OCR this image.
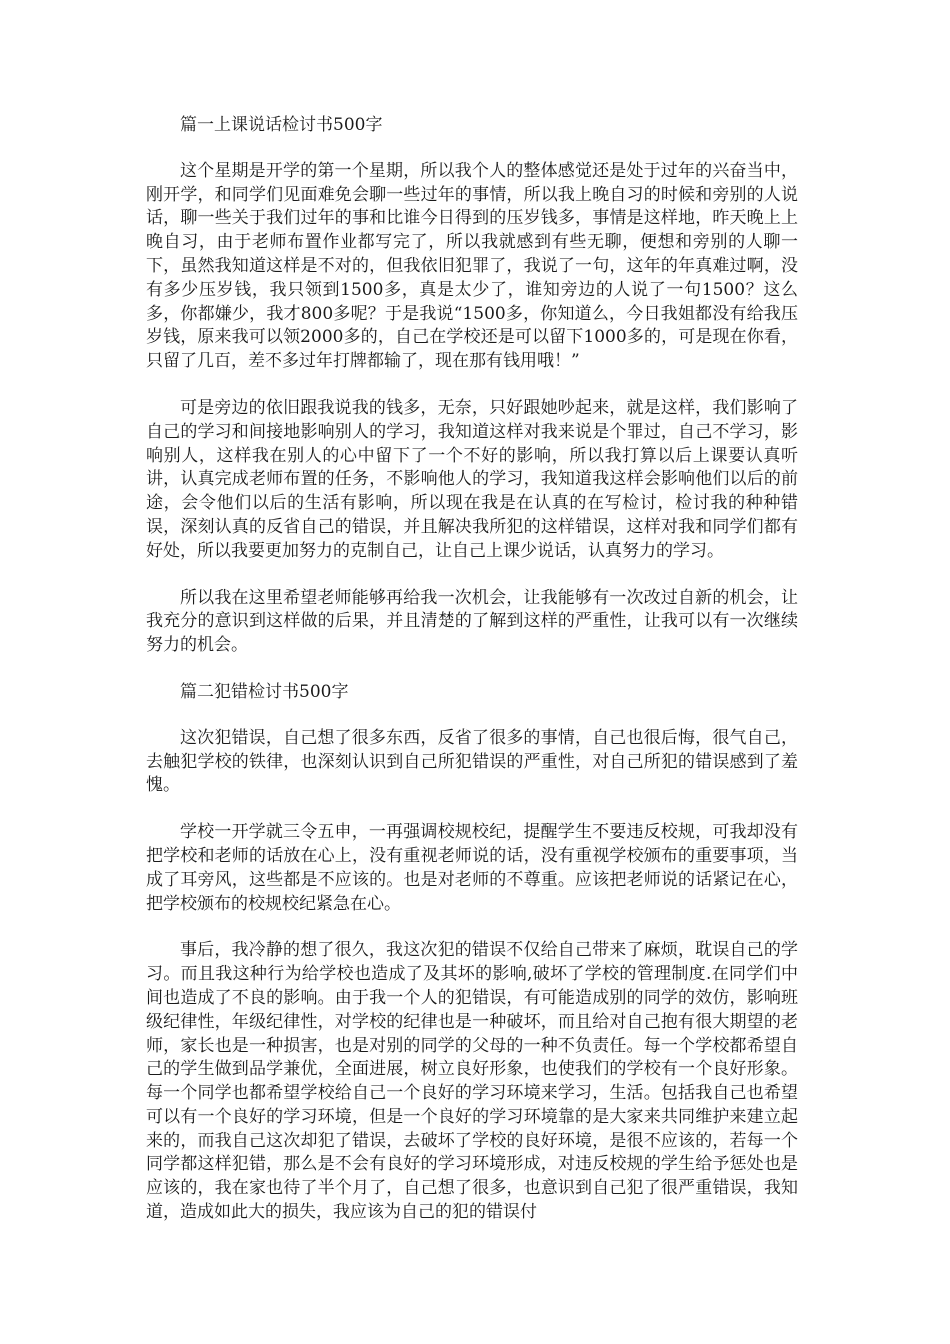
篇一上课说话检讨书500字

这个星期是开学的第一个星期，所以我个人的整体感觉还是处于过年的兴奋当中，刚开学，和同学们见面难免会聊一些过年的事情，所以我上晚自习的时候和旁别的人说话，聊一些关于我们过年的事和比谁今日得到的压岁钱多，事情是这样地，昨天晚上上晚自习，由于老师布置作业都写完了，所以我就感到有些无聊，便想和旁别的人聊一下，虽然我知道这样是不对的，但我依旧犯罪了，我说了一句，这年的年真难过啊，没有多少压岁钱，我只领到1500多，真是太少了，谁知旁边的人说了一句1500？这么多，你都嫌少，我才800多呢？于是我说“1500多，你知道么，今日我姐都没有给我压岁钱，原来我可以领2000多的，自己在学校还是可以留下1000多的，可是现在你看，只留了几百，差不多过年打牌都输了，现在那有钱用哦！”

可是旁边的依旧跟我说我的钱多，无奈，只好跟她吵起来，就是这样，我们影响了自己的学习和间接地影响别人的学习，我知道这样对我来说是个罪过，自己不学习，影响别人，这样我在别人的心中留下了一个不好的影响，所以我打算以后上课要认真听讲，认真完成老师布置的任务，不影响他人的学习，我知道我这样会影响他们以后的前途，会令他们以后的生活有影响，所以现在我是在认真的在写检讨，检讨我的种种错误，深刻认真的反省自己的错误，并且解决我所犯的这样错误，这样对我和同学们都有好处，所以我要更加努力的克制自己，让自己上课少说话，认真努力的学习。

所以我在这里希望老师能够再给我一次机会，让我能够有一次改过自新的机会，让我充分的意识到这样做的后果，并且清楚的了解到这样的严重性，让我可以有一次继续努力的机会。

篇二犯错检讨书500字

这次犯错误，自己想了很多东西，反省了很多的事情，自己也很后悔，很气自己，去触犯学校的铁律，也深刻认识到自己所犯错误的严重性，对自己所犯的错误感到了羞愧。

学校一开学就三令五申，一再强调校规校纪，提醒学生不要违反校规，可我却没有把学校和老师的话放在心上，没有重视老师说的话，没有重视学校颁布的重要事项，当成了耳旁风，这些都是不应该的。也是对老师的不尊重。应该把老师说的话紧记在心，把学校颁布的校规校纪紧急在心。

事后，我冷静的想了很久，我这次犯的错误不仅给自己带来了麻烦，耽误自己的学习。而且我这种行为给学校也造成了及其坏的影响,破坏了学校的管理制度.在同学们中间也造成了不良的影响。由于我一个人的犯错误，有可能造成别的同学的效仿，影响班级纪律性，年级纪律性，对学校的纪律也是一种破坏，而且给对自己抱有很大期望的老师，家长也是一种损害，也是对别的同学的父母的一种不负责任。每一个学校都希望自己的学生做到品学兼优，全面进展，树立良好形象，也使我们的学校有一个良好形象。每一个同学也都希望学校给自己一个良好的学习环境来学习，生活。包括我自己也希望可以有一个良好的学习环境，但是一个良好的学习环境靠的是大家来共同维护来建立起来的，而我自己这次却犯了错误，去破坏了学校的良好环境，是很不应该的，若每一个同学都这样犯错，那么是不会有良好的学习环境形成，对违反校规的学生给予惩处也是应该的，我在家也待了半个月了，自己想了很多，也意识到自己犯了很严重错误，我知道，造成如此大的损失，我应该为自己的犯的错误付
